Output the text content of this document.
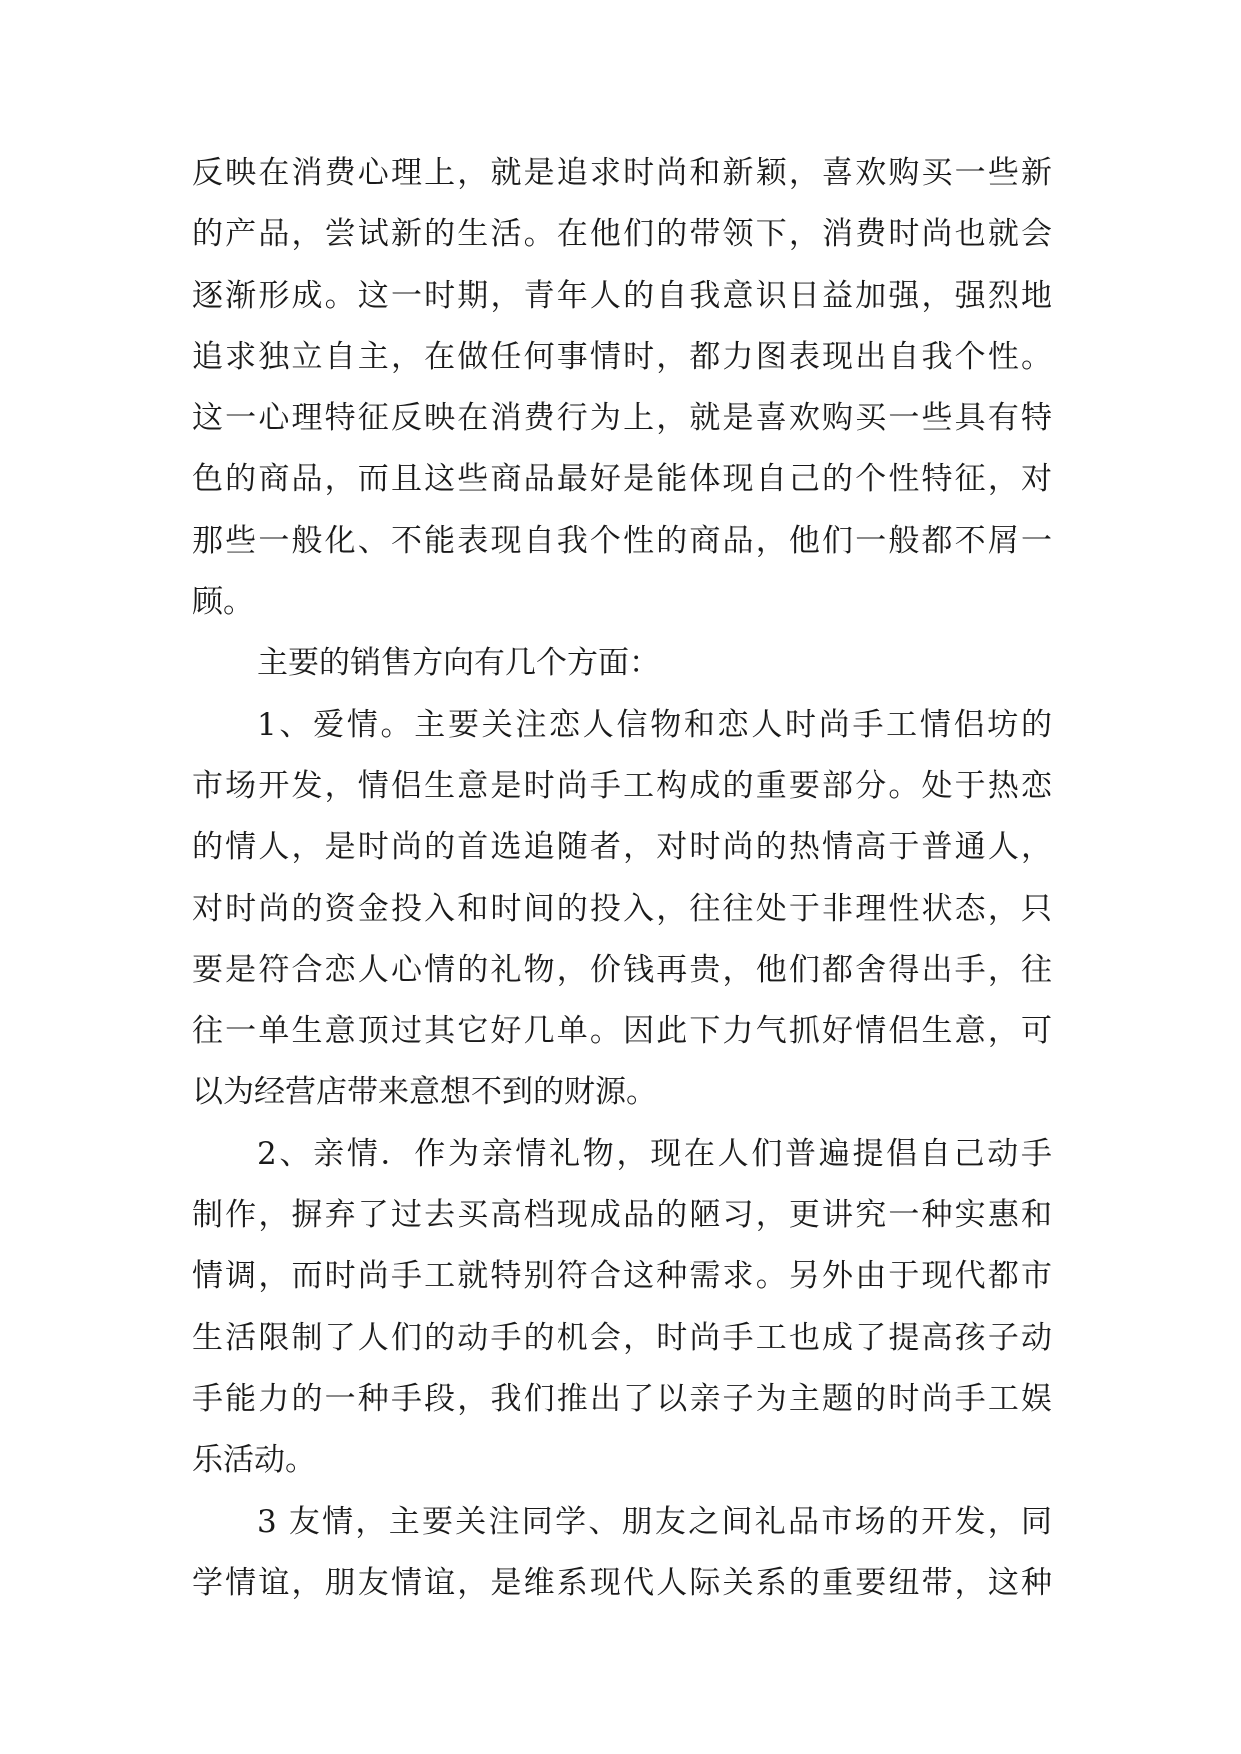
反映在消费心理上，就是追求时尚和新颖，喜欢购买一些新
的产品，尝试新的生活。在他们的带领下，消费时尚也就会
逐渐形成。这一时期，青年人的自我意识日益加强，强烈地
追求独立自主，在做任何事情时，都力图表现出自我个性。
这一心理特征反映在消费行为上，就是喜欢购买一些具有特
色的商品，而且这些商品最好是能体现自己的个性特征，对
那些一般化、不能表现自我个性的商品，他们一般都不屑一
顾。
主要的销售方向有几个方面：
1、爱情。主要关注恋人信物和恋人时尚手工情侣坊的
市场开发，情侣生意是时尚手工构成的重要部分。处于热恋
的情人，是时尚的首选追随者，对时尚的热情高于普通人，
对时尚的资金投入和时间的投入，往往处于非理性状态，只
要是符合恋人心情的礼物，价钱再贵，他们都舍得出手，往
往一单生意顶过其它好几单。因此下力气抓好情侣生意，可
以为经营店带来意想不到的财源。
2、亲情．作为亲情礼物，现在人们普遍提倡自己动手
制作，摒弃了过去买高档现成品的陋习，更讲究一种实惠和
情调，而时尚手工就特别符合这种需求。另外由于现代都市
生活限制了人们的动手的机会，时尚手工也成了提高孩子动
手能力的一种手段，我们推出了以亲子为主题的时尚手工娱
乐活动。
3 友情，主要关注同学、朋友之间礼品市场的开发，同
学情谊，朋友情谊，是维系现代人际关系的重要纽带，这种
